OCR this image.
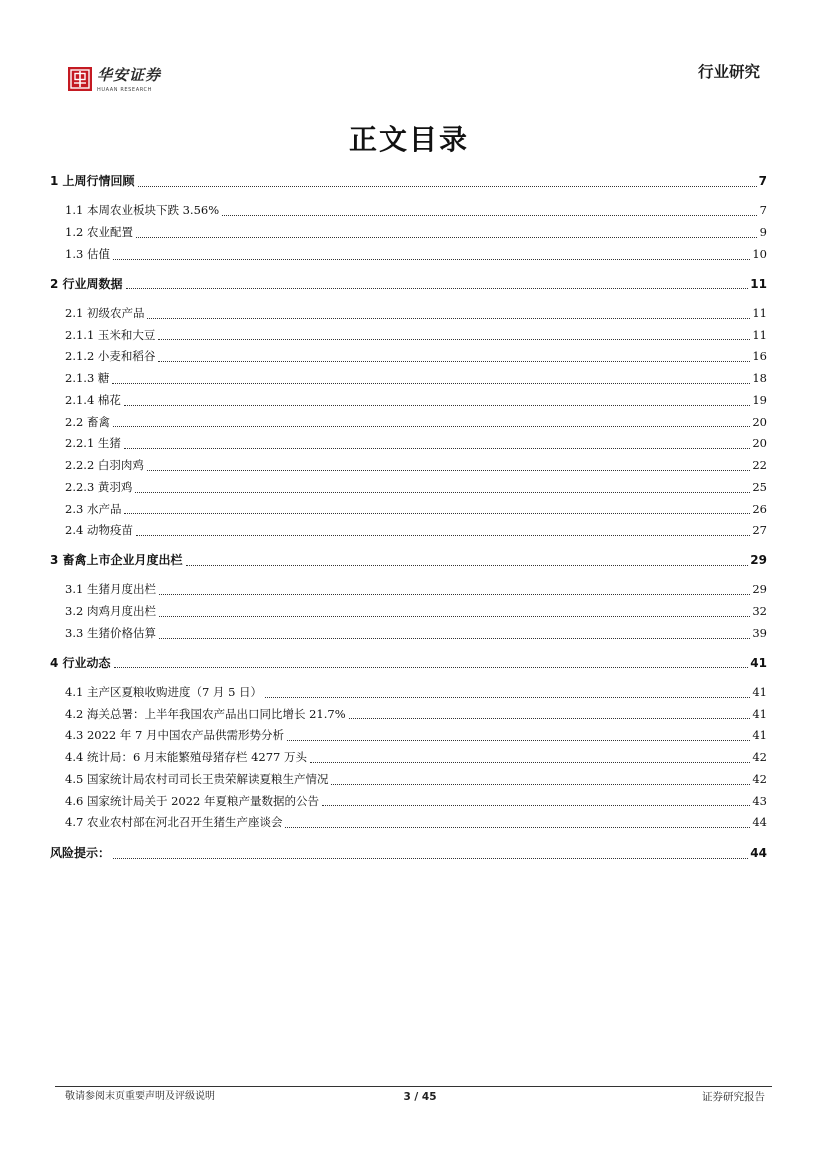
华安证券
HUAAN RESEARCH
行业研究
正文目录
1 上周行情回顾	7
1.1 本周农业板块下跌 3.56%	7
1.2 农业配置	9
1.3 估值	10
2 行业周数据	11
2.1 初级农产品	11
2.1.1 玉米和大豆	11
2.1.2 小麦和稻谷	16
2.1.3 糖	18
2.1.4 棉花	19
2.2 畜禽	20
2.2.1 生猪	20
2.2.2 白羽肉鸡	22
2.2.3 黄羽鸡	25
2.3 水产品	26
2.4 动物疫苗	27
3 畜禽上市企业月度出栏	29
3.1 生猪月度出栏	29
3.2 肉鸡月度出栏	32
3.3 生猪价格估算	39
4 行业动态	41
4.1 主产区夏粮收购进度（7 月 5 日）	41
4.2 海关总署：上半年我国农产品出口同比增长 21.7%	41
4.3 2022 年 7 月中国农产品供需形势分析	41
4.4 统计局：6 月末能繁殖母猪存栏 4277 万头	42
4.5 国家统计局农村司司长王贵荣解读夏粮生产情况	42
4.6 国家统计局关于 2022 年夏粮产量数据的公告	43
4.7 农业农村部在河北召开生猪生产座谈会	44
风险提示：	44
敬请参阅末页重要声明及评级说明	3 / 45	证券研究报告
